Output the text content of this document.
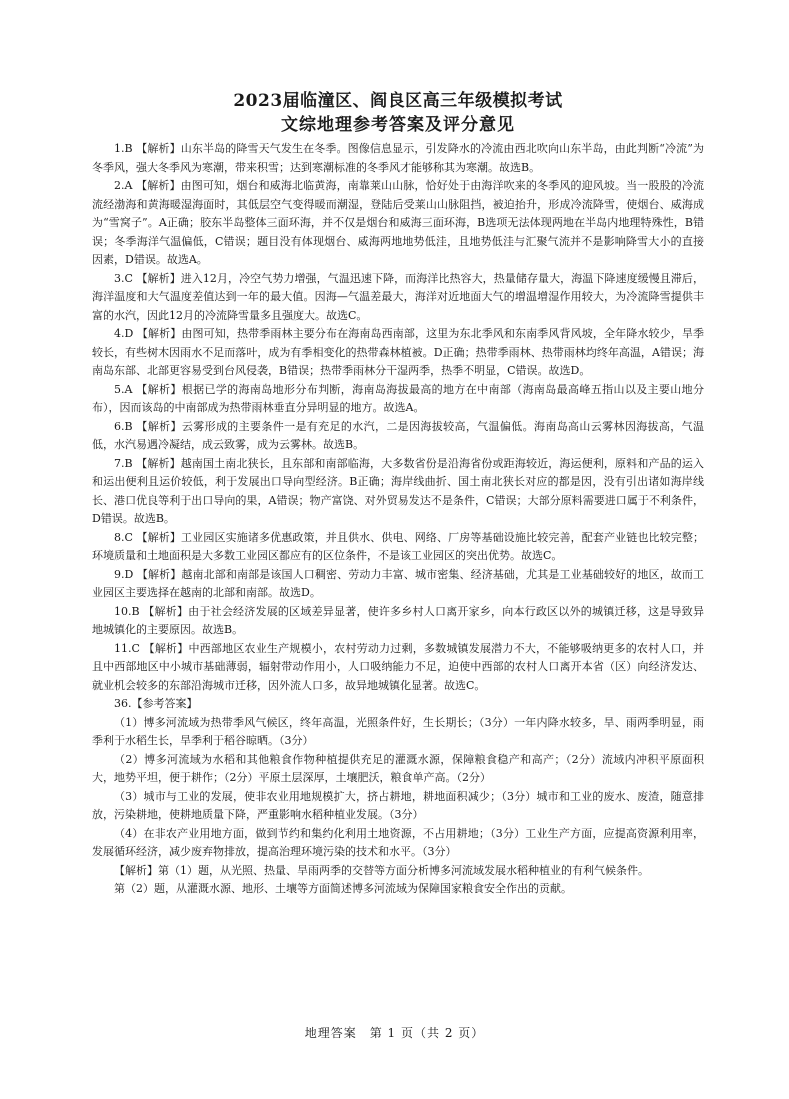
2023届临潼区、阎良区高三年级模拟考试
文综地理参考答案及评分意见

1.B 【解析】山东半岛的降雪天气发生在冬季。图像信息显示，引发降水的冷流由西北吹向山东半岛，由此判断“冷流”为冬季风，强大冬季风为寒潮，带来积雪；达到寒潮标准的冬季风才能够称其为寒潮。故选B。

2.A 【解析】由图可知，烟台和威海北临黄海，南靠莱山山脉，恰好处于由海洋吹来的冬季风的迎风坡。当一股股的冷流流经渤海和黄海暖湿海面时，其低层空气变得暖而潮湿，登陆后受莱山山脉阻挡，被迫抬升，形成冷流降雪，使烟台、威海成为“雪窝子”。A正确；胶东半岛整体三面环海，并不仅是烟台和威海三面环海，B选项无法体现两地在半岛内地理特殊性，B错误；冬季海洋气温偏低，C错误；题目没有体现烟台、威海两地地势低洼，且地势低洼与汇聚气流并不是影响降雪大小的直接因素，D错误。故选A。

3.C 【解析】进入12月，冷空气势力增强，气温迅速下降，而海洋比热容大，热量储存量大，海温下降速度缓慢且滞后，海洋温度和大气温度差值达到一年的最大值。因海—气温差最大，海洋对近地面大气的增温增湿作用较大，为冷流降雪提供丰富的水汽，因此12月的冷流降雪量多且强度大。故选C。

4.D 【解析】由图可知，热带季雨林主要分布在海南岛西南部，这里为东北季风和东南季风背风坡，全年降水较少，旱季较长，有些树木因雨水不足而落叶，成为有季相变化的热带森林植被。D正确；热带季雨林、热带雨林均终年高温，A错误；海南岛东部、北部更容易受到台风侵袭，B错误；热带季雨林分干湿两季，热季不明显，C错误。故选D。

5.A 【解析】根据已学的海南岛地形分布判断，海南岛海拔最高的地方在中南部（海南岛最高峰五指山以及主要山地分布），因而该岛的中南部成为热带雨林垂直分异明显的地方。故选A。

6.B 【解析】云雾形成的主要条件一是有充足的水汽，二是因海拔较高，气温偏低。海南岛高山云雾林因海拔高，气温低，水汽易遇冷凝结，成云致雾，成为云雾林。故选B。

7.B 【解析】越南国土南北狭长，且东部和南部临海，大多数省份是沿海省份或距海较近，海运便利，原料和产品的运入和运出便利且运价较低，利于发展出口导向型经济。B正确；海岸线曲折、国土南北狭长对应的都是因，没有引出诸如海岸线长、港口优良等利于出口导向的果，A错误；物产富饶、对外贸易发达不是条件，C错误；大部分原料需要进口属于不利条件，D错误。故选B。

8.C 【解析】工业园区实施诸多优惠政策，并且供水、供电、网络、厂房等基础设施比较完善，配套产业链也比较完整；环境质量和土地面积是大多数工业园区都应有的区位条件，不是该工业园区的突出优势。故选C。

9.D 【解析】越南北部和南部是该国人口稠密、劳动力丰富、城市密集、经济基础，尤其是工业基础较好的地区，故而工业园区主要选择在越南的北部和南部。故选D。

10.B 【解析】由于社会经济发展的区域差异显著，使许多乡村人口离开家乡，向本行政区以外的城镇迁移，这是导致异地城镇化的主要原因。故选B。

11.C 【解析】中西部地区农业生产规模小，农村劳动力过剩，多数城镇发展潜力不大，不能够吸纳更多的农村人口，并且中西部地区中小城市基础薄弱，辐射带动作用小，人口吸纳能力不足，迫使中西部的农村人口离开本省（区）向经济发达、就业机会较多的东部沿海城市迁移，因外流人口多，故异地城镇化显著。故选C。

36.【参考答案】

（1）博多河流域为热带季风气候区，终年高温，光照条件好，生长期长；（3分）一年内降水较多，旱、雨两季明显，雨季利于水稻生长，旱季利于稻谷晾晒。（3分）

（2）博多河流域为水稻和其他粮食作物种植提供充足的灌溉水源，保障粮食稳产和高产；（2分）流域内冲积平原面积大，地势平坦，便于耕作；（2分）平原土层深厚，土壤肥沃，粮食单产高。（2分）

（3）城市与工业的发展，使非农业用地规模扩大，挤占耕地，耕地面积减少；（3分）城市和工业的废水、废渣，随意排放，污染耕地，使耕地质量下降，严重影响水稻种植业发展。（3分）

（4）在非农产业用地方面，做到节约和集约化利用土地资源，不占用耕地；（3分）工业生产方面，应提高资源利用率，发展循环经济，减少废弃物排放，提高治理环境污染的技术和水平。（3分）

【解析】第（1）题，从光照、热量、旱雨两季的交替等方面分析博多河流域发展水稻种植业的有利气候条件。

第（2）题，从灌溉水源、地形、土壤等方面简述博多河流域为保障国家粮食安全作出的贡献。

地理答案　第 1 页（共 2 页）
